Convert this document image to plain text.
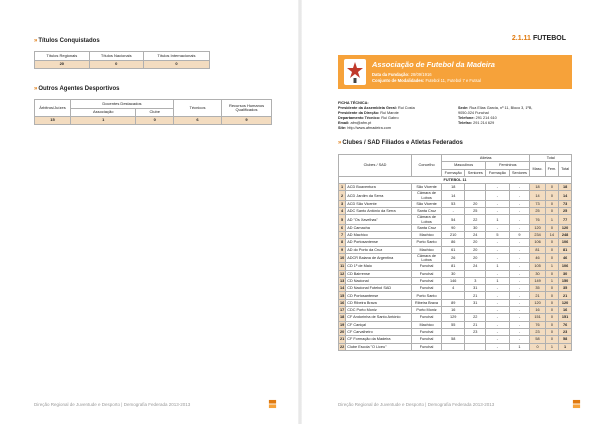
»Títulos Conquistados
Títulos Regionais	Títulos Nacionais	Títulos Internacionais
20	0	0
»Outros Agentes Desportivos
Árbitros/Juízes	Docentes Destacados		Técnicos	Recursos Humanos Qualificados
	Associação	Clube		
15	1	0	6	9
Direção Regional de Juventude e Desporto | Demografia Federada 2013-2013
2.1.11 FUTEBOL
Associação de Futebol da Madeira
Data da Fundação: 28/09/1916
Conjunto de Modalidades: Futebol 11, Futebol 7 e Futsal
FICHA TÉCNICA:
Presidente da Assembleia Geral: Rui Costa
Presidente da Direção: Rui Marote
Departamento Técnico: Rui Gabro
Email: afm@afm.pt
Site: http://www.afmadeira.com
Sede: Rua Elias Garcia, nº 11, Bloco 3, 1ºB,
9050-024 Funchal
Telefone: 291 214 610
Telefax: 291 214 629
»Clubes / SAD Filiados e Atletas Federados
Clubes / SAD		Concelho	Atletas				Total		
			Masculinos		Femininos		Masc.	Fem.	Total
			Formação	Seniores	Formação	Seniores			
FUTEBOL 11									
1	ACD Boaventura	São Vicente	18		-	-	18	0	18
2	ACD Jardim da Serra	Câmara de Lobos	14		-	-	14	0	14
3	ACD São Vicente	São Vicente	53	20	-	-	73	0	73
4	ADC Santo António da Serra	Santa Cruz	-	25	-	-	25	0	25
5	AD "Os Xavelhas"	Câmara de Lobos	54	22	1	-	76	1	77
6	AD Camacha	Santa Cruz	90	30	-	-	120	0	120
7	AD Machico	Machico	210	24	5	9	234	14	248
8	AD Portosantense	Porto Santo	86	20	-	-	106	0	106
9	AD do Porto da Cruz	Machico	61	20	-	-	81	0	81
10	ADCR Baiana de Argentina	Câmara de Lobos	26	20	-	-	46	0	46
11	CD 1º de Maio	Funchal	81	24	1	-	105	1	106
12	CD Bairrense	Funchal	30		-	-	30	0	30
13	CD Nacional	Funchal	146	3	1	-	149	1	150
14	CD Nacional Futebol SAD	Funchal	4	31	-	-	35	0	35
15	CD Portosantense	Porto Santo		21	-	-	21	0	21
16	CD Ribeira Brava	Ribeira Brava	89	31	-	-	120	0	120
17	CDC Porto Moniz	Porto Moniz	16		-	-	16	0	16
18	CF Andorinha de Santo António	Funchal	129	22	-	-	151	0	151
19	CF Caniçal	Machico	55	21	-	-	76	0	76
20	CF Carvalheiro	Funchal		23	-	-	23	0	23
21	CF Formação da Madeira	Funchal	58		-	-	58	0	58
22	Clube Escola "O Liceu"	Funchal			-	1	0	1	1
Direção Regional de Juventude e Desporto | Demografia Federada 2013-2013
